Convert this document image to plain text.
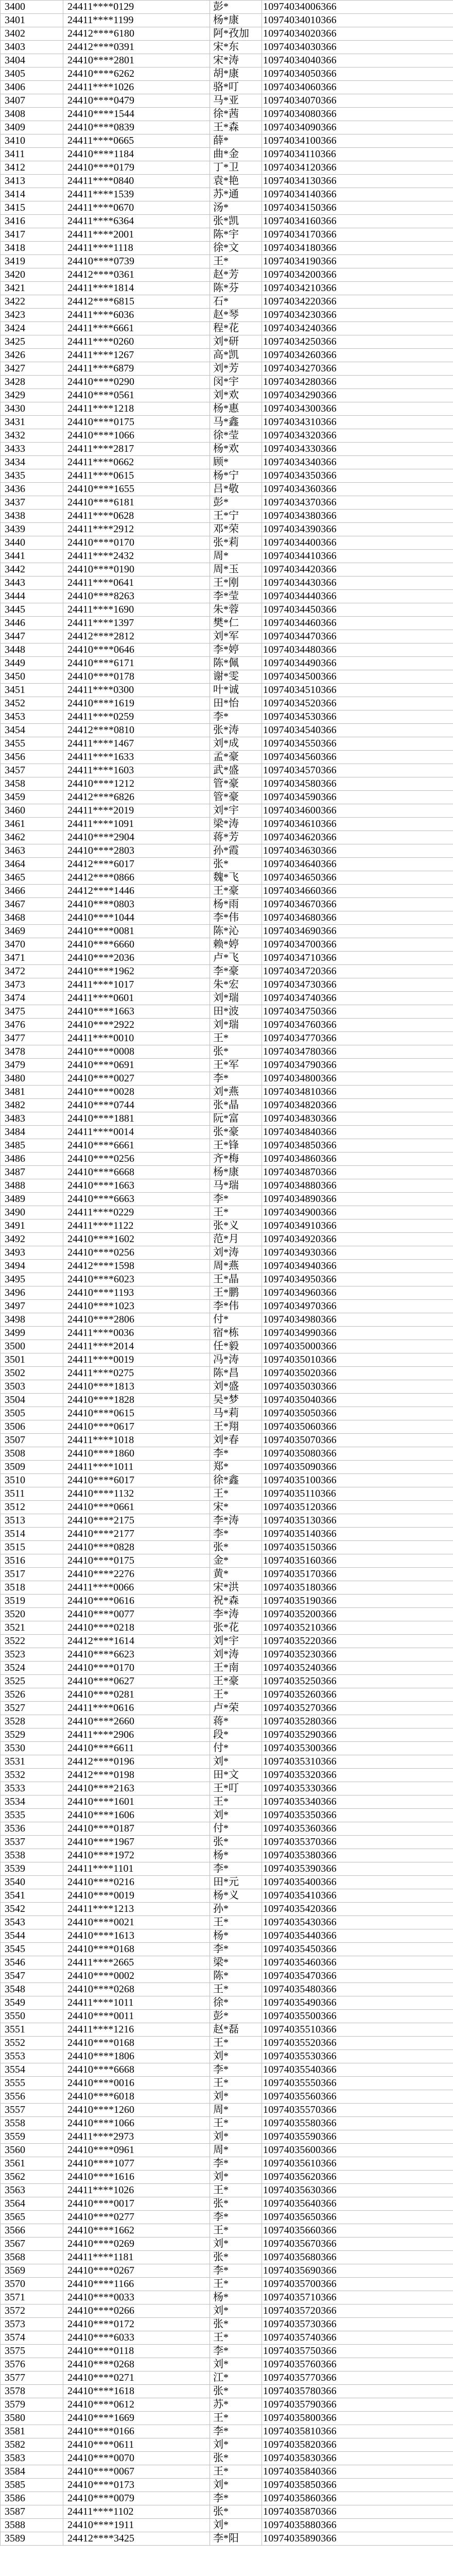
3400	24411****0129	彭*	10974034006366
3401	24411****1199	杨*康	10974034010366
3402	24412****6180	阿*孜加	10974034020366
3403	24412****0391	宋*东	10974034030366
3404	24410****2801	宋*涛	10974034040366
3405	24410****6262	胡*康	10974034050366
3406	24411****1026	骆*叮	10974034060366
3407	24410****0479	马*亚	10974034070366
3408	24410****1544	徐*茜	10974034080366
3409	24410****0839	王*森	10974034090366
3410	24411****0665	薛*	10974034100366
3411	24410****1184	曲*金	10974034110366
3412	24410****0179	丁*卫	10974034120366
3413	24411****0840	袁*艳	10974034130366
3414	24411****1539	苏*通	10974034140366
3415	24411****0670	汤*	10974034150366
3416	24411****6364	张*凯	10974034160366
3417	24411****2001	陈*宇	10974034170366
3418	24411****1118	徐*文	10974034180366
3419	24410****0739	王*	10974034190366
3420	24412****0361	赵*芳	10974034200366
3421	24411****1814	陈*芬	10974034210366
3422	24412****6815	石*	10974034220366
3423	24411****6036	赵*琴	10974034230366
3424	24411****6661	程*花	10974034240366
3425	24411****0260	刘*研	10974034250366
3426	24411****1267	高*凯	10974034260366
3427	24411****6879	刘*芳	10974034270366
3428	24410****0290	闵*宇	10974034280366
3429	24410****0561	刘*欢	10974034290366
3430	24411****1218	杨*惠	10974034300366
3431	24410****0175	马*鑫	10974034310366
3432	24410****1066	徐*莹	10974034320366
3433	24411****2817	杨*欢	10974034330366
3434	24411****0662	顾*	10974034340366
3435	24411****0615	杨*宁	10974034350366
3436	24410****1655	吕*敬	10974034360366
3437	24410****6181	彭*	10974034370366
3438	24411****0628	王*宁	10974034380366
3439	24411****2912	邓*荣	10974034390366
3440	24410****0170	张*莉	10974034400366
3441	24411****2432	周*	10974034410366
3442	24410****0190	周*玉	10974034420366
3443	24411****0641	王*刚	10974034430366
3444	24410****8263	李*莹	10974034440366
3445	24411****1690	朱*蓉	10974034450366
3446	24411****1397	樊*仁	10974034460366
3447	24412****2812	刘*军	10974034470366
3448	24410****0646	李*婷	10974034480366
3449	24410****6171	陈*佩	10974034490366
3450	24410****0178	谢*雯	10974034500366
3451	24411****0300	叶*诚	10974034510366
3452	24410****1619	田*怡	10974034520366
3453	24411****0259	李*	10974034530366
3454	24412****0810	张*涛	10974034540366
3455	24411****1467	刘*成	10974034550366
3456	24411****1633	孟*豪	10974034560366
3457	24411****1603	武*盛	10974034570366
3458	24410****1212	管*豪	10974034580366
3459	24412****6826	管*豪	10974034590366
3460	24411****2019	刘*宇	10974034600366
3461	24411****1091	梁*涛	10974034610366
3462	24410****2904	蒋*芳	10974034620366
3463	24410****2803	孙*霞	10974034630366
3464	24412****6017	张*	10974034640366
3465	24412****0866	魏*飞	10974034650366
3466	24412****1446	王*豪	10974034660366
3467	24410****0803	杨*雨	10974034670366
3468	24410****1044	李*伟	10974034680366
3469	24410****0081	陈*沁	10974034690366
3470	24410****6660	赖*婷	10974034700366
3471	24410****2036	卢*飞	10974034710366
3472	24410****1962	李*豪	10974034720366
3473	24411****1017	朱*宏	10974034730366
3474	24411****0601	刘*瑞	10974034740366
3475	24410****1663	田*波	10974034750366
3476	24410****2922	刘*瑞	10974034760366
3477	24411****0010	王*	10974034770366
3478	24410****0008	张*	10974034780366
3479	24410****0691	王*军	10974034790366
3480	24410****0027	李*	10974034800366
3481	24410****0028	刘*燕	10974034810366
3482	24410****0744	张*晶	10974034820366
3483	24410****1881	阮*富	10974034830366
3484	24411****0014	张*豪	10974034840366
3485	24410****6661	王*锋	10974034850366
3486	24410****0256	齐*梅	10974034860366
3487	24410****6668	杨*康	10974034870366
3488	24410****1663	马*瑞	10974034880366
3489	24410****6663	李*	10974034890366
3490	24411****0229	王*	10974034900366
3491	24411****1122	张*义	10974034910366
3492	24410****1602	范*月	10974034920366
3493	24410****0256	刘*涛	10974034930366
3494	24412****1598	周*燕	10974034940366
3495	24410****6023	王*晶	10974034950366
3496	24410****1193	王*鹏	10974034960366
3497	24410****1023	李*伟	10974034970366
3498	24410****2806	付*	10974034980366
3499	24411****0036	宿*栋	10974034990366
3500	24411****2014	任*毅	10974035000366
3501	24411****0019	冯*涛	10974035010366
3502	24411****0275	陈*昌	10974035020366
3503	24410****1813	刘*盛	10974035030366
3504	24410****1828	吴*梦	10974035040366
3505	24410****0615	马*莉	10974035050366
3506	24410****0617	王*翔	10974035060366
3507	24411****1018	刘*春	10974035070366
3508	24410****1860	李*	10974035080366
3509	24411****1011	郑*	10974035090366
3510	24410****6017	徐*鑫	10974035100366
3511	24410****1132	王*	10974035110366
3512	24410****0661	宋*	10974035120366
3513	24410****2175	李*涛	10974035130366
3514	24410****2177	李*	10974035140366
3515	24410****0828	张*	10974035150366
3516	24410****0175	金*	10974035160366
3517	24410****2276	黄*	10974035170366
3518	24411****0066	宋*洪	10974035180366
3519	24410****0616	祝*森	10974035190366
3520	24410****0077	李*涛	10974035200366
3521	24410****0218	张*花	10974035210366
3522	24412****1614	刘*宇	10974035220366
3523	24410****6623	刘*涛	10974035230366
3524	24410****0170	王*南	10974035240366
3525	24410****0627	王*豪	10974035250366
3526	24410****0281	王*	10974035260366
3527	24411****0616	卢*荣	10974035270366
3528	24410****2660	蒋*	10974035280366
3529	24411****2906	段*	10974035290366
3530	24410****6611	付*	10974035300366
3531	24412****0196	刘*	10974035310366
3532	24412****0198	田*文	10974035320366
3533	24410****2163	王*叮	10974035330366
3534	24410****1601	王*	10974035340366
3535	24410****1606	刘*	10974035350366
3536	24410****0187	付*	10974035360366
3537	24410****1967	张*	10974035370366
3538	24410****1972	杨*	10974035380366
3539	24411****1101	李*	10974035390366
3540	24410****0216	田*元	10974035400366
3541	24410****0019	杨*义	10974035410366
3542	24411****1213	孙*	10974035420366
3543	24410****0021	王*	10974035430366
3544	24410****1613	杨*	10974035440366
3545	24410****0168	李*	10974035450366
3546	24411****2665	梁*	10974035460366
3547	24410****0002	陈*	10974035470366
3548	24410****0268	王*	10974035480366
3549	24411****1011	徐*	10974035490366
3550	24410****0011	彭*	10974035500366
3551	24411****1216	赵*磊	10974035510366
3552	24410****0168	王*	10974035520366
3553	24410****1806	刘*	10974035530366
3554	24410****6668	李*	10974035540366
3555	24410****0016	王*	10974035550366
3556	24410****6018	刘*	10974035560366
3557	24410****1260	周*	10974035570366
3558	24410****1066	王*	10974035580366
3559	24411****2973	刘*	10974035590366
3560	24410****0961	周*	10974035600366
3561	24410****1077	李*	10974035610366
3562	24410****1616	刘*	10974035620366
3563	24411****1026	王*	10974035630366
3564	24410****0017	张*	10974035640366
3565	24410****0277	李*	10974035650366
3566	24410****1662	王*	10974035660366
3567	24410****0269	刘*	10974035670366
3568	24411****1181	张*	10974035680366
3569	24410****0267	李*	10974035690366
3570	24410****1166	王*	10974035700366
3571	24410****0033	杨*	10974035710366
3572	24410****0266	刘*	10974035720366
3573	24410****0172	张*	10974035730366
3574	24410****6033	王*	10974035740366
3575	24410****0118	李*	10974035750366
3576	24410****0268	刘*	10974035760366
3577	24410****0271	江*	10974035770366
3578	24410****1618	张*	10974035780366
3579	24410****0612	苏*	10974035790366
3580	24410****1669	王*	10974035800366
3581	24410****0166	李*	10974035810366
3582	24410****0611	刘*	10974035820366
3583	24410****0070	张*	10974035830366
3584	24410****0067	王*	10974035840366
3585	24410****0173	刘*	10974035850366
3586	24410****0079	李*	10974035860366
3587	24411****1102	张*	10974035870366
3588	24410****1911	刘*	10974035880366
3589	24412****3425	李*阳	10974035890366
